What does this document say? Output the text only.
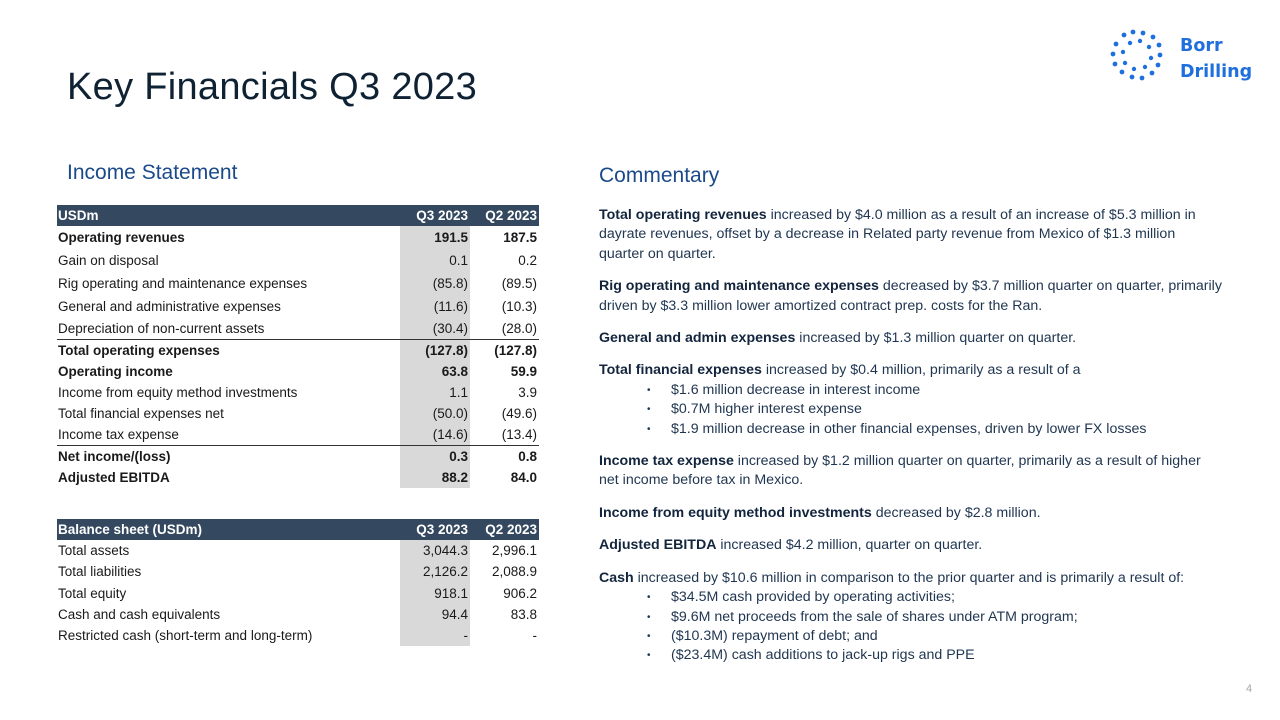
Key Financials Q3 2023
Borr
Drilling
Income Statement
USDm	Q3 2023	Q2 2023
Operating revenues	191.5	187.5
Gain on disposal	0.1	0.2
Rig operating and maintenance expenses	(85.8)	(89.5)
General and administrative expenses	(11.6)	(10.3)
Depreciation of non-current assets	(30.4)	(28.0)
Total operating expenses	(127.8)	(127.8)
Operating income	63.8	59.9
Income from equity method investments	1.1	3.9
Total financial expenses net	(50.0)	(49.6)
Income tax expense	(14.6)	(13.4)
Net income/(loss)	0.3	0.8
Adjusted EBITDA	88.2	84.0
Balance sheet (USDm)	Q3 2023	Q2 2023
Total assets	3,044.3	2,996.1
Total liabilities	2,126.2	2,088.9
Total equity	918.1	906.2
Cash and cash equivalents	94.4	83.8
Restricted cash (short-term and long-term)	-	-
Commentary

Total operating revenues increased by $4.0 million as a result of an increase of $5.3 million in dayrate revenues, offset by a decrease in Related party revenue from Mexico of $1.3 million quarter on quarter.

Rig operating and maintenance expenses decreased by $3.7 million quarter on quarter, primarily driven by $3.3 million lower amortized contract prep. costs for the Ran.

General and admin expenses increased by $1.3 million quarter on quarter.

Total financial expenses increased by $0.4 million, primarily as a result of a

• $1.6 million decrease in interest income
• $0.7M higher interest expense
• $1.9 million decrease in other financial expenses, driven by lower FX losses

Income tax expense increased by $1.2 million quarter on quarter, primarily as a result of higher net income before tax in Mexico.

Income from equity method investments decreased by $2.8 million.

Adjusted EBITDA increased $4.2 million, quarter on quarter.

Cash increased by $10.6 million in comparison to the prior quarter and is primarily a result of:

• $34.5M cash provided by operating activities;
• $9.6M net proceeds from the sale of shares under ATM program;
• ($10.3M) repayment of debt; and
• ($23.4M) cash additions to jack-up rigs and PPE
4
